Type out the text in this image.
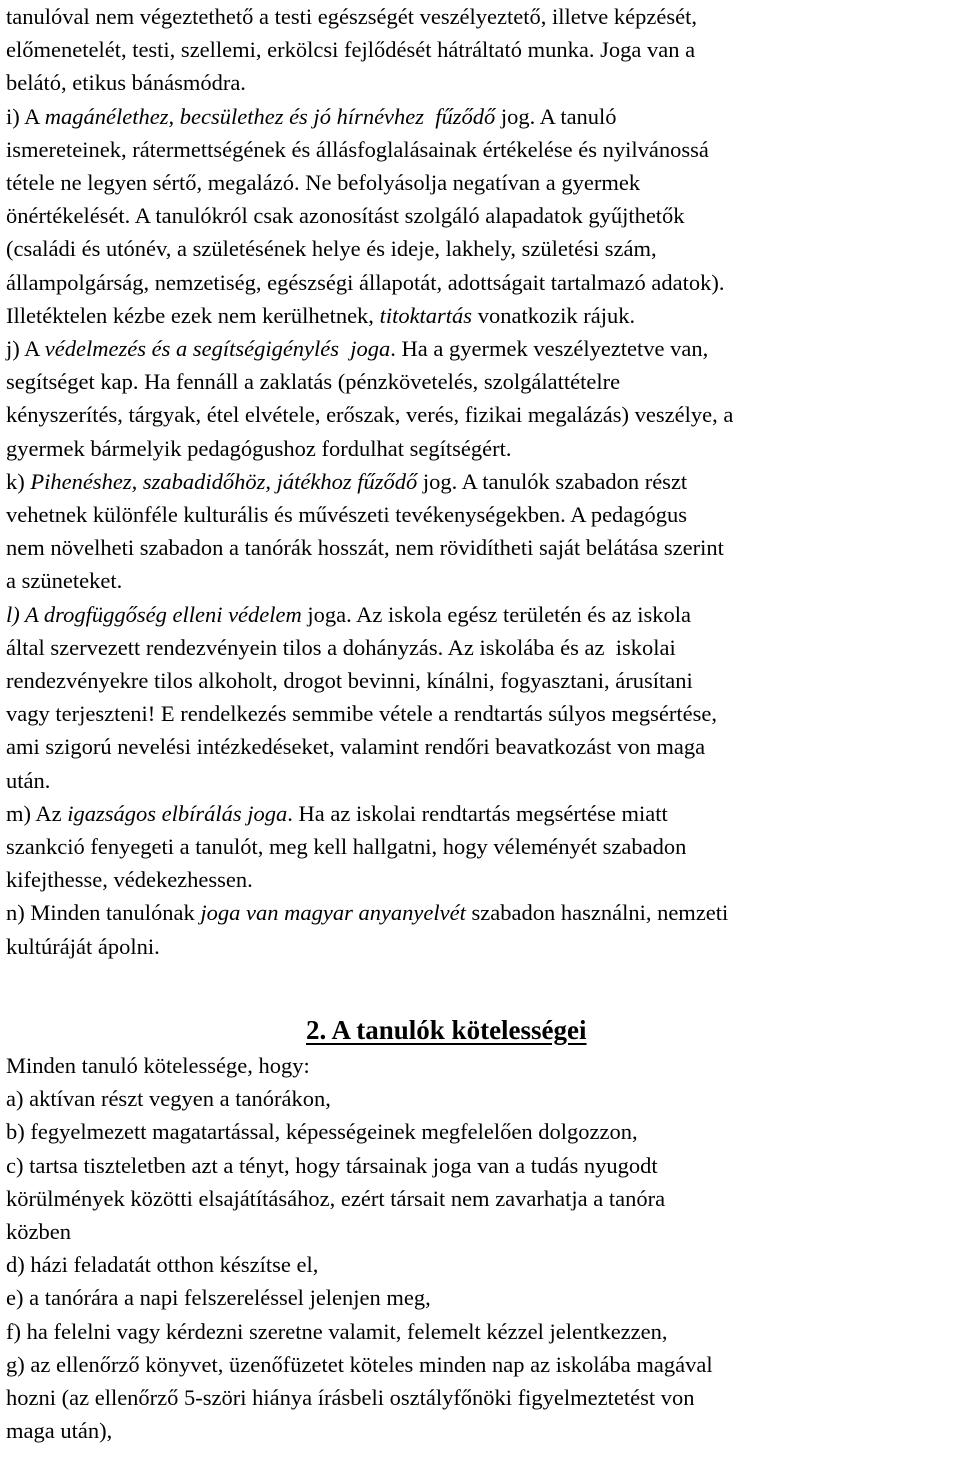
tanulóval nem végeztethető a testi egészségét veszélyeztető, illetve képzését,
előmenetelét, testi, szellemi, erkölcsi fejlődését hátráltató munka. Joga van a
belátó, etikus bánásmódra.
i) A magánélethez, becsülethez és jó hírnévhez  fűződő jog. A tanuló
ismereteinek, rátermettségének és állásfoglalásainak értékelése és nyilvánossá
tétele ne legyen sértő, megalázó. Ne befolyásolja negatívan a gyermek
önértékelését. A tanulókról csak azonosítást szolgáló alapadatok gyűjthetők
(családi és utónév, a születésének helye és ideje, lakhely, születési szám,
állampolgárság, nemzetiség, egészségi állapotát, adottságait tartalmazó adatok).
Illetéktelen kézbe ezek nem kerülhetnek, titoktartás vonatkozik rájuk.
j) A védelmezés és a segítségigénylés  joga. Ha a gyermek veszélyeztetve van,
segítséget kap. Ha fennáll a zaklatás (pénzkövetelés, szolgálattételre
kényszerítés, tárgyak, étel elvétele, erőszak, verés, fizikai megalázás) veszélye, a
gyermek bármelyik pedagógushoz fordulhat segítségért.
k) Pihenéshez, szabadidőhöz, játékhoz fűződő jog. A tanulók szabadon részt
vehetnek különféle kulturális és művészeti tevékenységekben. A pedagógus
nem növelheti szabadon a tanórák hosszát, nem rövidítheti saját belátása szerint
a szüneteket.
l) A drogfüggőség elleni védelem joga. Az iskola egész területén és az iskola
által szervezett rendezvényein tilos a dohányzás. Az iskolába és az  iskolai
rendezvényekre tilos alkoholt, drogot bevinni, kínálni, fogyasztani, árusítani
vagy terjeszteni! E rendelkezés semmibe vétele a rendtartás súlyos megsértése,
ami szigorú nevelési intézkedéseket, valamint rendőri beavatkozást von maga
után.
m) Az igazságos elbírálás joga. Ha az iskolai rendtartás megsértése miatt
szankció fenyegeti a tanulót, meg kell hallgatni, hogy véleményét szabadon
kifejthesse, védekezhessen.
n) Minden tanulónak joga van magyar anyanyelvét szabadon használni, nemzeti
kultúráját ápolni.
2. A tanulók kötelességei
Minden tanuló kötelessége, hogy:
a) aktívan részt vegyen a tanórákon,
b) fegyelmezett magatartással, képességeinek megfelelően dolgozzon,
c) tartsa tiszteletben azt a tényt, hogy társainak joga van a tudás nyugodt
körülmények közötti elsajátításához, ezért társait nem zavarhatja a tanóra
közben
d) házi feladatát otthon készítse el,
e) a tanórára a napi felszereléssel jelenjen meg,
f) ha felelni vagy kérdezni szeretne valamit, felemelt kézzel jelentkezzen,
g) az ellenőrző könyvet, üzenőfüzetet köteles minden nap az iskolába magával
hozni (az ellenőrző 5-szöri hiánya írásbeli osztályfőnöki figyelmeztetést von
maga után),
